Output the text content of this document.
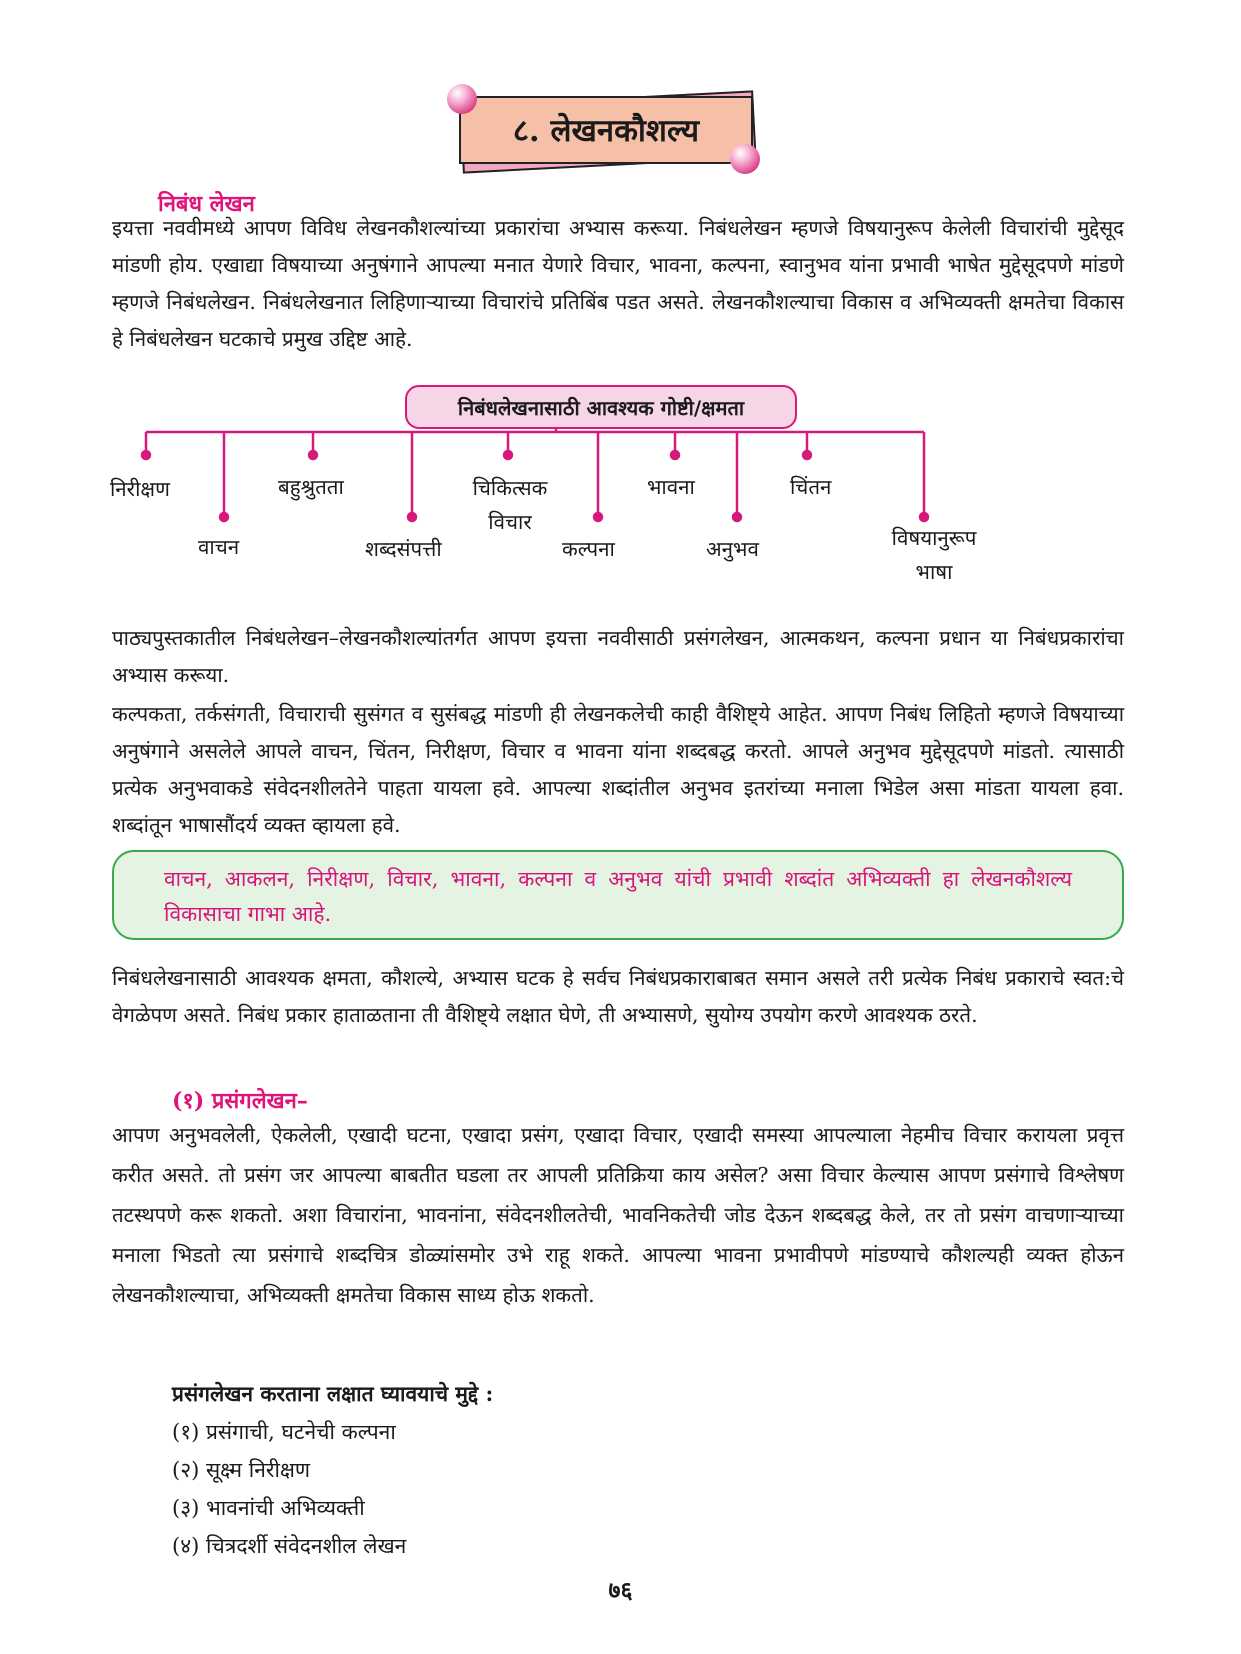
८. लेखनकौशल्य
निबंध लेखन

इयत्ता नववीमध्ये आपण विविध लेखनकौशल्यांच्या प्रकारांचा अभ्यास करूया. निबंधलेखन म्हणजे विषयानुरूप केलेली विचारांची मुद्देसूद मांडणी होय. एखाद्या विषयाच्या अनुषंगाने आपल्या मनात येणारे विचार, भावना, कल्पना, स्वानुभव यांना प्रभावी भाषेत मुद्देसूदपणे मांडणे म्हणजे निबंधलेखन. निबंधलेखनात लिहिणाऱ्याच्या विचारांचे प्रतिबिंब पडत असते. लेखनकौशल्याचा विकास व अभिव्यक्ती क्षमतेचा विकास हे निबंधलेखन घटकाचे प्रमुख उद्दिष्ट आहे.

निबंधलेखनासाठी आवश्यक गोष्टी/क्षमता
निरीक्षण
वाचन
बहुश्रुतता
शब्दसंपत्ती
चिकित्सक विचार
कल्पना
भावना
अनुभव
चिंतन
विषयानुरूप भाषा

पाठ्यपुस्तकातील निबंधलेखन–लेखनकौशल्यांतर्गत आपण इयत्ता नववीसाठी प्रसंगलेखन, आत्मकथन, कल्पना प्रधान या निबंधप्रकारांचा अभ्यास करूया.

कल्पकता, तर्कसंगती, विचाराची सुसंगत व सुसंबद्ध मांडणी ही लेखनकलेची काही वैशिष्ट्ये आहेत. आपण निबंध लिहितो म्हणजे विषयाच्या अनुषंगाने असलेले आपले वाचन, चिंतन, निरीक्षण, विचार व भावना यांना शब्दबद्ध करतो. आपले अनुभव मुद्देसूदपणे मांडतो. त्यासाठी प्रत्येक अनुभवाकडे संवेदनशीलतेने पाहता यायला हवे. आपल्या शब्दांतील अनुभव इतरांच्या मनाला भिडेल असा मांडता यायला हवा. शब्दांतून भाषासौंदर्य व्यक्त व्हायला हवे.

वाचन, आकलन, निरीक्षण, विचार, भावना, कल्पना व अनुभव यांची प्रभावी शब्दांत अभिव्यक्ती हा लेखनकौशल्य विकासाचा गाभा आहे.

निबंधलेखनासाठी आवश्यक क्षमता, कौशल्ये, अभ्यास घटक हे सर्वच निबंधप्रकाराबाबत समान असले तरी प्रत्येक निबंध प्रकाराचे स्वत:चे वेगळेपण असते. निबंध प्रकार हाताळताना ती वैशिष्ट्ये लक्षात घेणे, ती अभ्यासणे, सुयोग्य उपयोग करणे आवश्यक ठरते.

(१) प्रसंगलेखन–

आपण अनुभवलेली, ऐकलेली, एखादी घटना, एखादा प्रसंग, एखादा विचार, एखादी समस्या आपल्याला नेहमीच विचार करायला प्रवृत्त करीत असते. तो प्रसंग जर आपल्या बाबतीत घडला तर आपली प्रतिक्रिया काय असेल? असा विचार केल्यास आपण प्रसंगाचे विश्लेषण तटस्थपणे करू शकतो. अशा विचारांना, भावनांना, संवेदनशीलतेची, भावनिकतेची जोड देऊन शब्दबद्ध केले, तर तो प्रसंग वाचणाऱ्याच्या मनाला भिडतो त्या प्रसंगाचे शब्दचित्र डोळ्यांसमोर उभे राहू शकते. आपल्या भावना प्रभावीपणे मांडण्याचे कौशल्यही व्यक्त होऊन लेखनकौशल्याचा, अभिव्यक्ती क्षमतेचा विकास साध्य होऊ शकतो.

प्रसंगलेखन करताना लक्षात घ्यावयाचे मुद्दे :
(१) प्रसंगाची, घटनेची कल्पना
(२) सूक्ष्म निरीक्षण
(३) भावनांची अभिव्यक्ती
(४) चित्रदर्शी संवेदनशील लेखन
७६
